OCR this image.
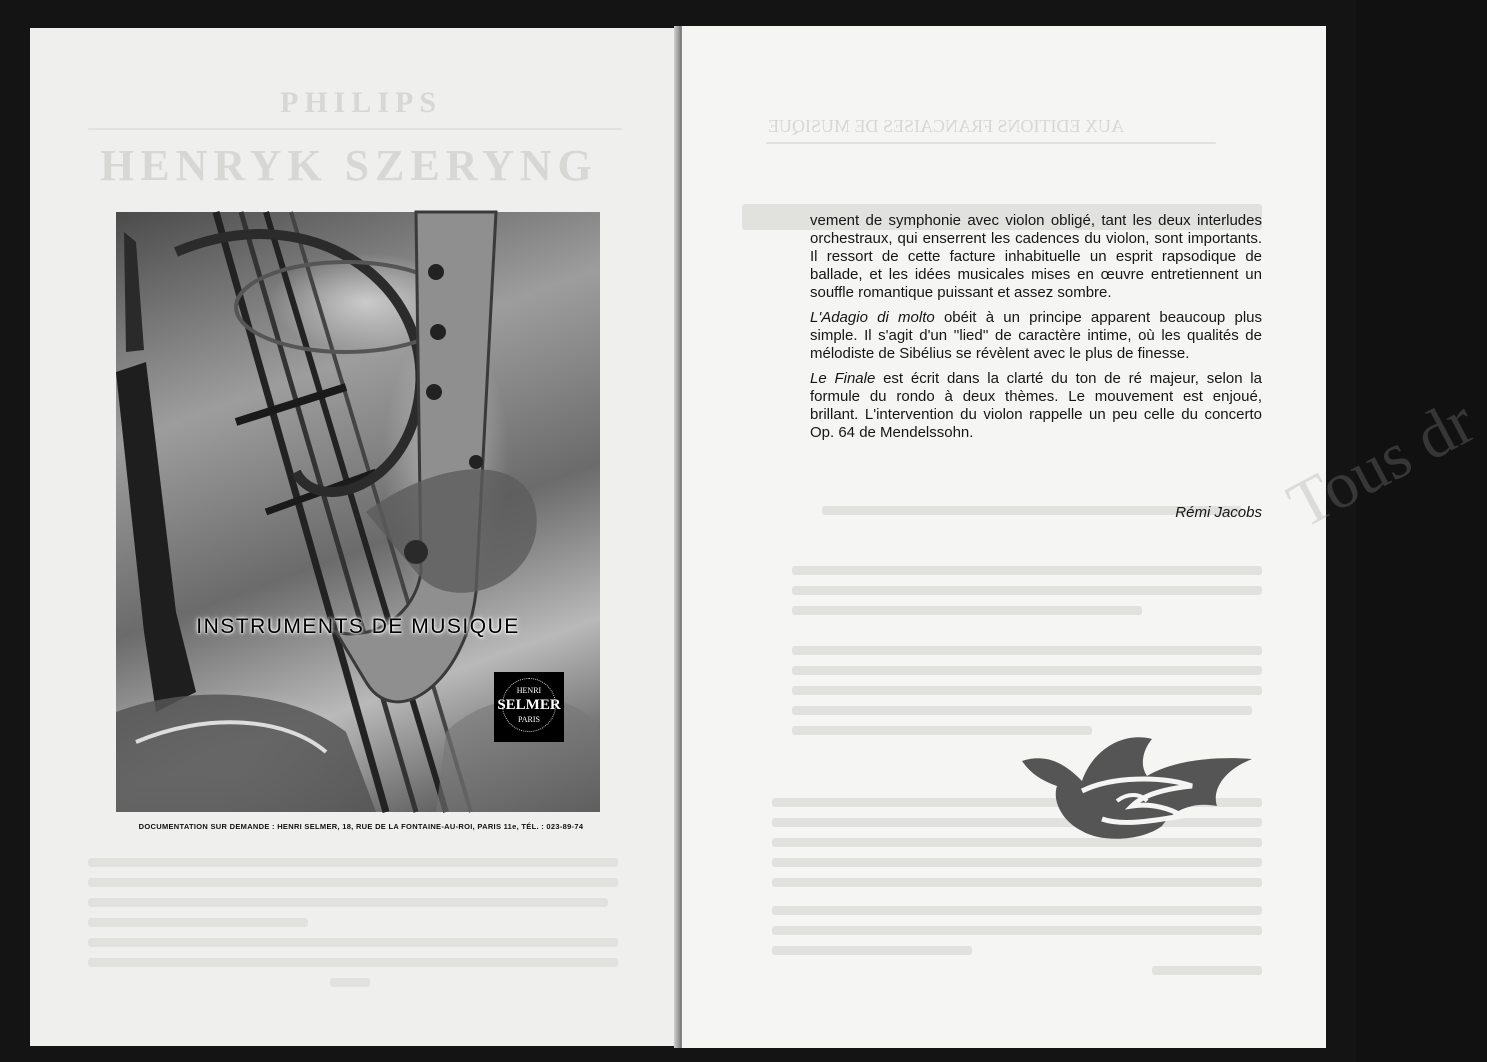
PHILIPS
HENRYK SZERYNG
INSTRUMENTS DE MUSIQUE
HENRI
SELMER
PARIS
DOCUMENTATION SUR DEMANDE : HENRI SELMER, 18, RUE DE LA FONTAINE-AU-ROI, PARIS 11e, TÉL. : 023-89-74
AUX EDITIONS FRANCAISES DE MUSIQUE
Tous dr

vement de symphonie avec violon obligé, tant les deux interludes orchestraux, qui enserrent les cadences du violon, sont importants. Il ressort de cette facture inhabituelle un esprit rapsodique de ballade, et les idées musicales mises en œuvre entretiennent un souffle romantique puissant et assez sombre.

L'Adagio di molto obéit à un principe apparent beaucoup plus simple. Il s'agit d'un ''lied'' de caractère intime, où les qualités de mélodiste de Sibélius se révèlent avec le plus de finesse.

Le Finale est écrit dans la clarté du ton de ré majeur, selon la formule du rondo à deux thèmes. Le mouvement est enjoué, brillant. L'intervention du violon rappelle un peu celle du concerto Op. 64 de Mendelssohn.

Rémi Jacobs
